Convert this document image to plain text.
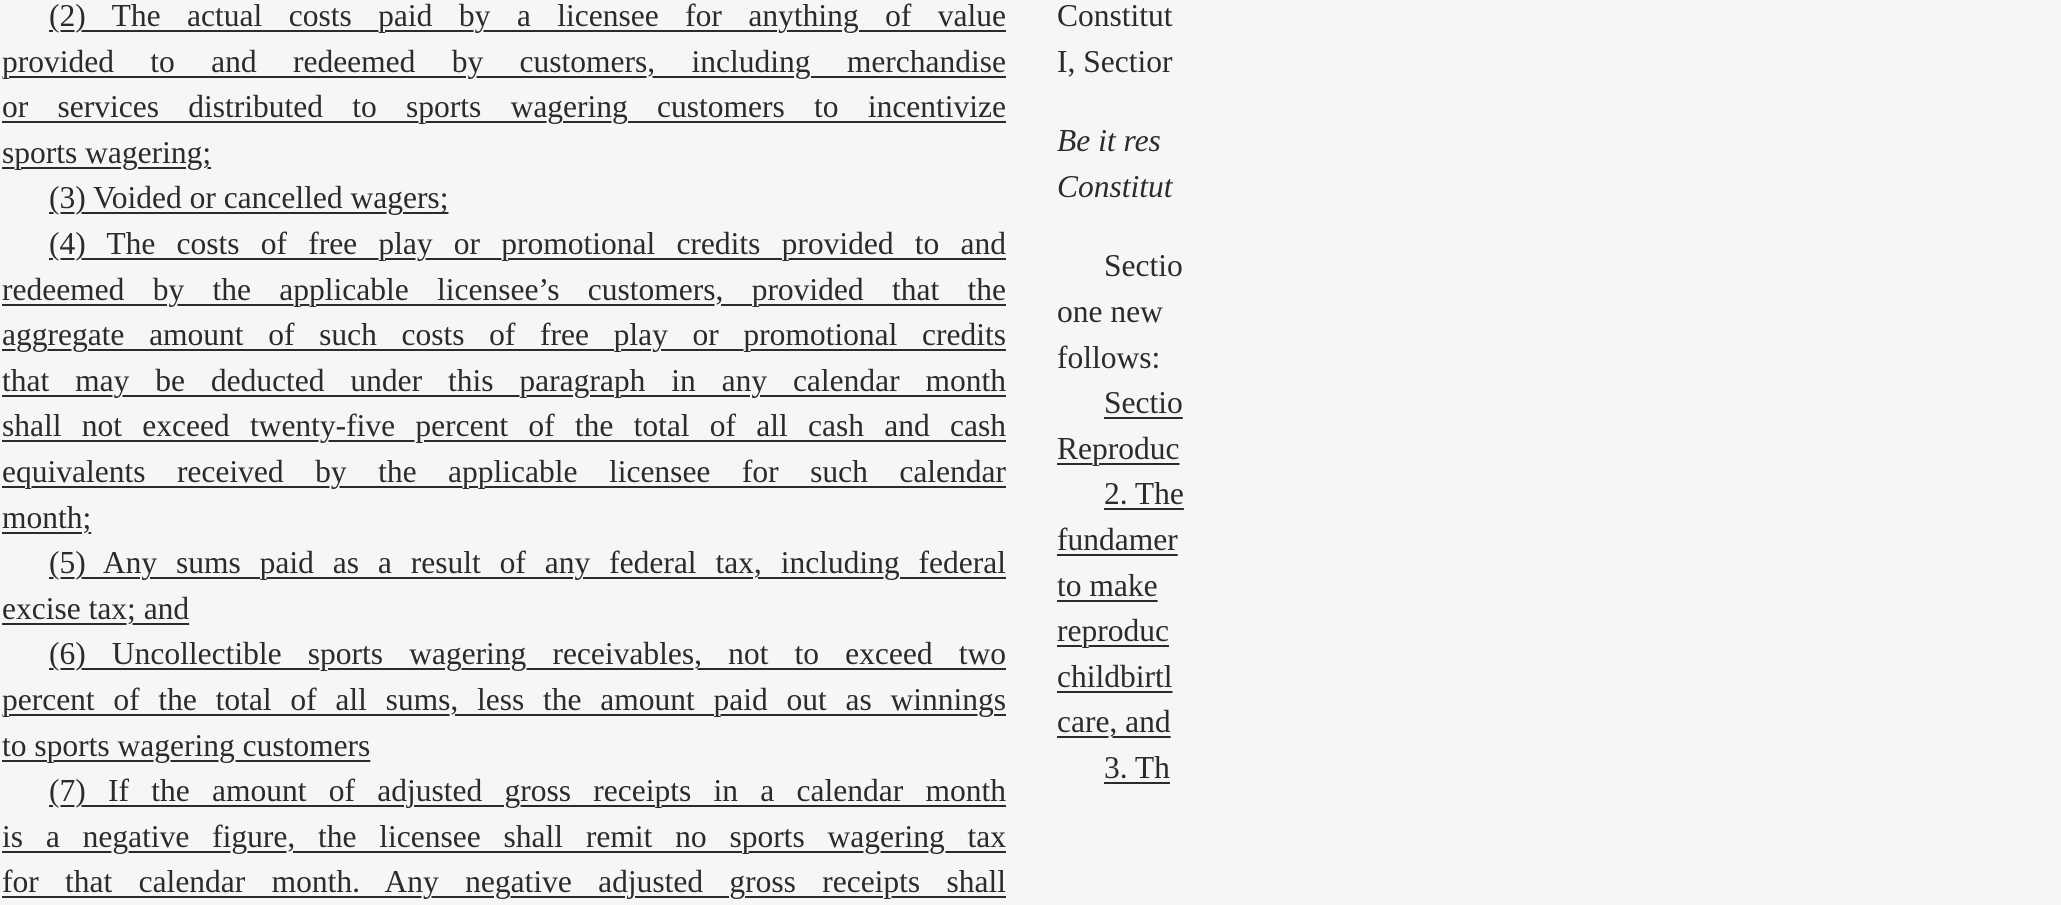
(2) The actual costs paid by a licensee for anything of value

provided to and redeemed by customers, including merchandise

or services distributed to sports wagering customers to incentivize

sports wagering;

(3) Voided or cancelled wagers;

(4) The costs of free play or promotional credits provided to and

redeemed by the applicable licensee’s customers, provided that the

aggregate amount of such costs of free play or promotional credits

that may be deducted under this paragraph in any calendar month

shall not exceed twenty-five percent of the total of all cash and cash

equivalents received by the applicable licensee for such calendar

month;

(5) Any sums paid as a result of any federal tax, including federal

excise tax; and

(6) Uncollectible sports wagering receivables, not to exceed two

percent of the total of all sums, less the amount paid out as winnings

to sports wagering customers

(7) If the amount of adjusted gross receipts in a calendar month

is a negative figure, the licensee shall remit no sports wagering tax

for that calendar month. Any negative adjusted gross receipts shall

Constitut
I, Sectior
Be it res
Constitut
Sectio
one new
follows:
Sectio
Reproduc
2. The
fundamer
to make
reproduc
childbirtl
care, and
3. Th
